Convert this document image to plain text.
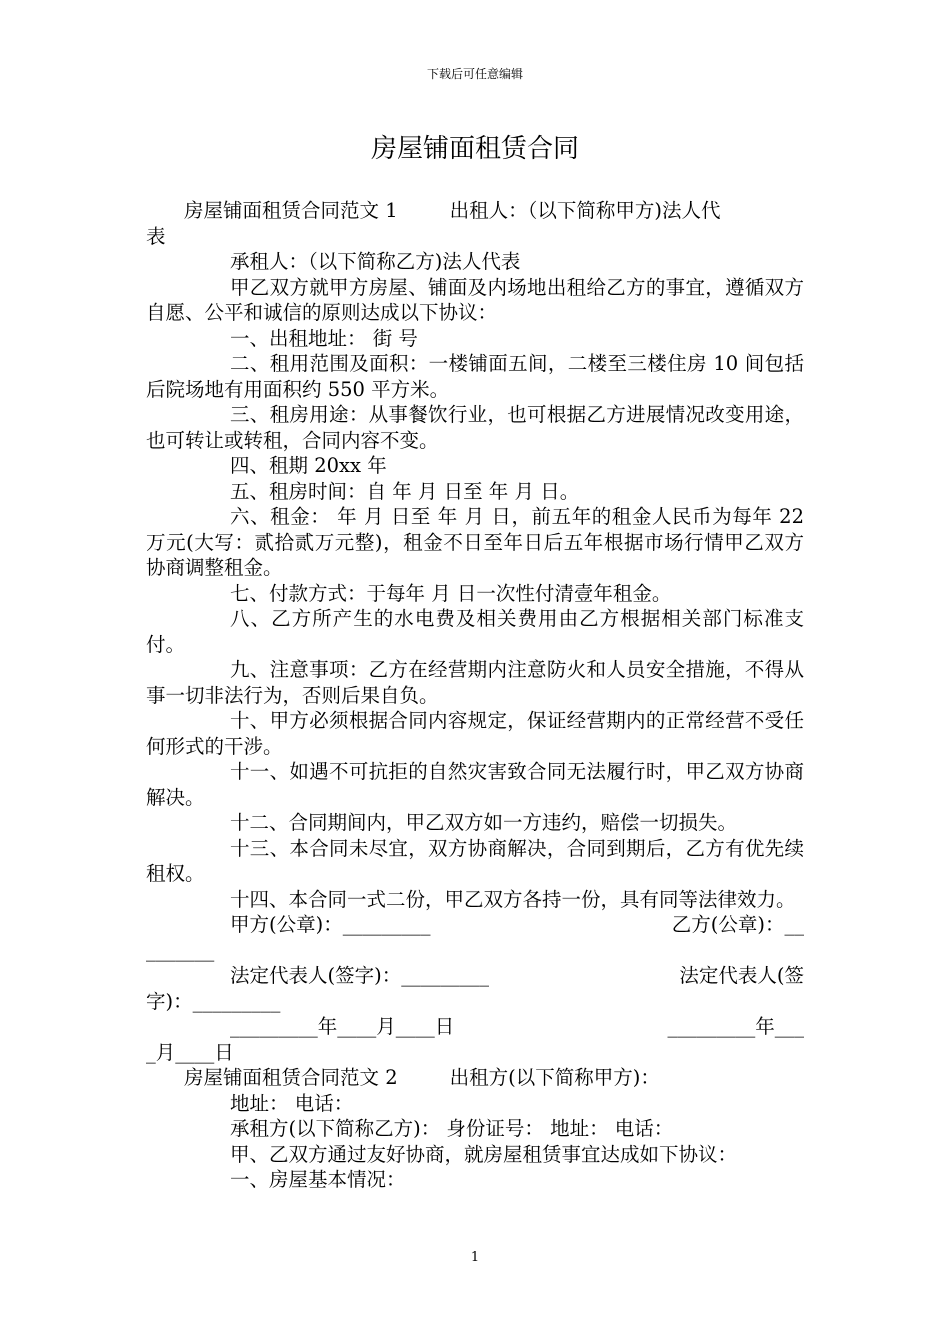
下载后可任意编辑
房屋铺面租赁合同

房屋铺面租赁合同范文 1	出租人：（以下简称甲方)法人代

表

承租人：（以下简称乙方)法人代表

甲乙双方就甲方房屋、铺面及内场地出租给乙方的事宜，遵循双方自愿、公平和诚信的原则达成以下协议：

一、出租地址： 街 号

二、租用范围及面积：一楼铺面五间，二楼至三楼住房 10 间包括后院场地有用面积约 550 平方米。

三、租房用途：从事餐饮行业，也可根据乙方进展情况改变用途，也可转让或转租，合同内容不变。

四、租期 20xx 年

五、租房时间：自 年 月 日至 年 月 日。

六、租金： 年 月 日至 年 月 日，前五年的租金人民币为每年 22 万元(大写：贰拾贰万元整)，租金不日至年日后五年根据市场行情甲乙双方协商调整租金。

七、付款方式：于每年 月 日一次性付清壹年租金。

八、乙方所产生的水电费及相关费用由乙方根据相关部门标准支付。

九、注意事项：乙方在经营期内注意防火和人员安全措施，不得从事一切非法行为，否则后果自负。

十、甲方必须根据合同内容规定，保证经营期内的正常经营不受任何形式的干涉。

十一、如遇不可抗拒的自然灾害致合同无法履行时，甲乙双方协商解决。

十二、合同期间内，甲乙双方如一方违约，赔偿一切损失。

十三、本合同未尽宜，双方协商解决，合同到期后，乙方有优先续租权。

十四、本合同一式二份，甲乙双方各持一份，具有同等法律效力。

甲方(公章)：_________	乙方(公章)：__

_______

法定代表人(签字)：_________	法定代表人(签

字)：_________

_________年____月____日	_________年___

_月____日

房屋铺面租赁合同范文 2	出租方(以下简称甲方)：

地址： 电话：

承租方(以下简称乙方)： 身份证号： 地址： 电话：

甲、乙双方通过友好协商，就房屋租赁事宜达成如下协议：

一、房屋基本情况：

1
